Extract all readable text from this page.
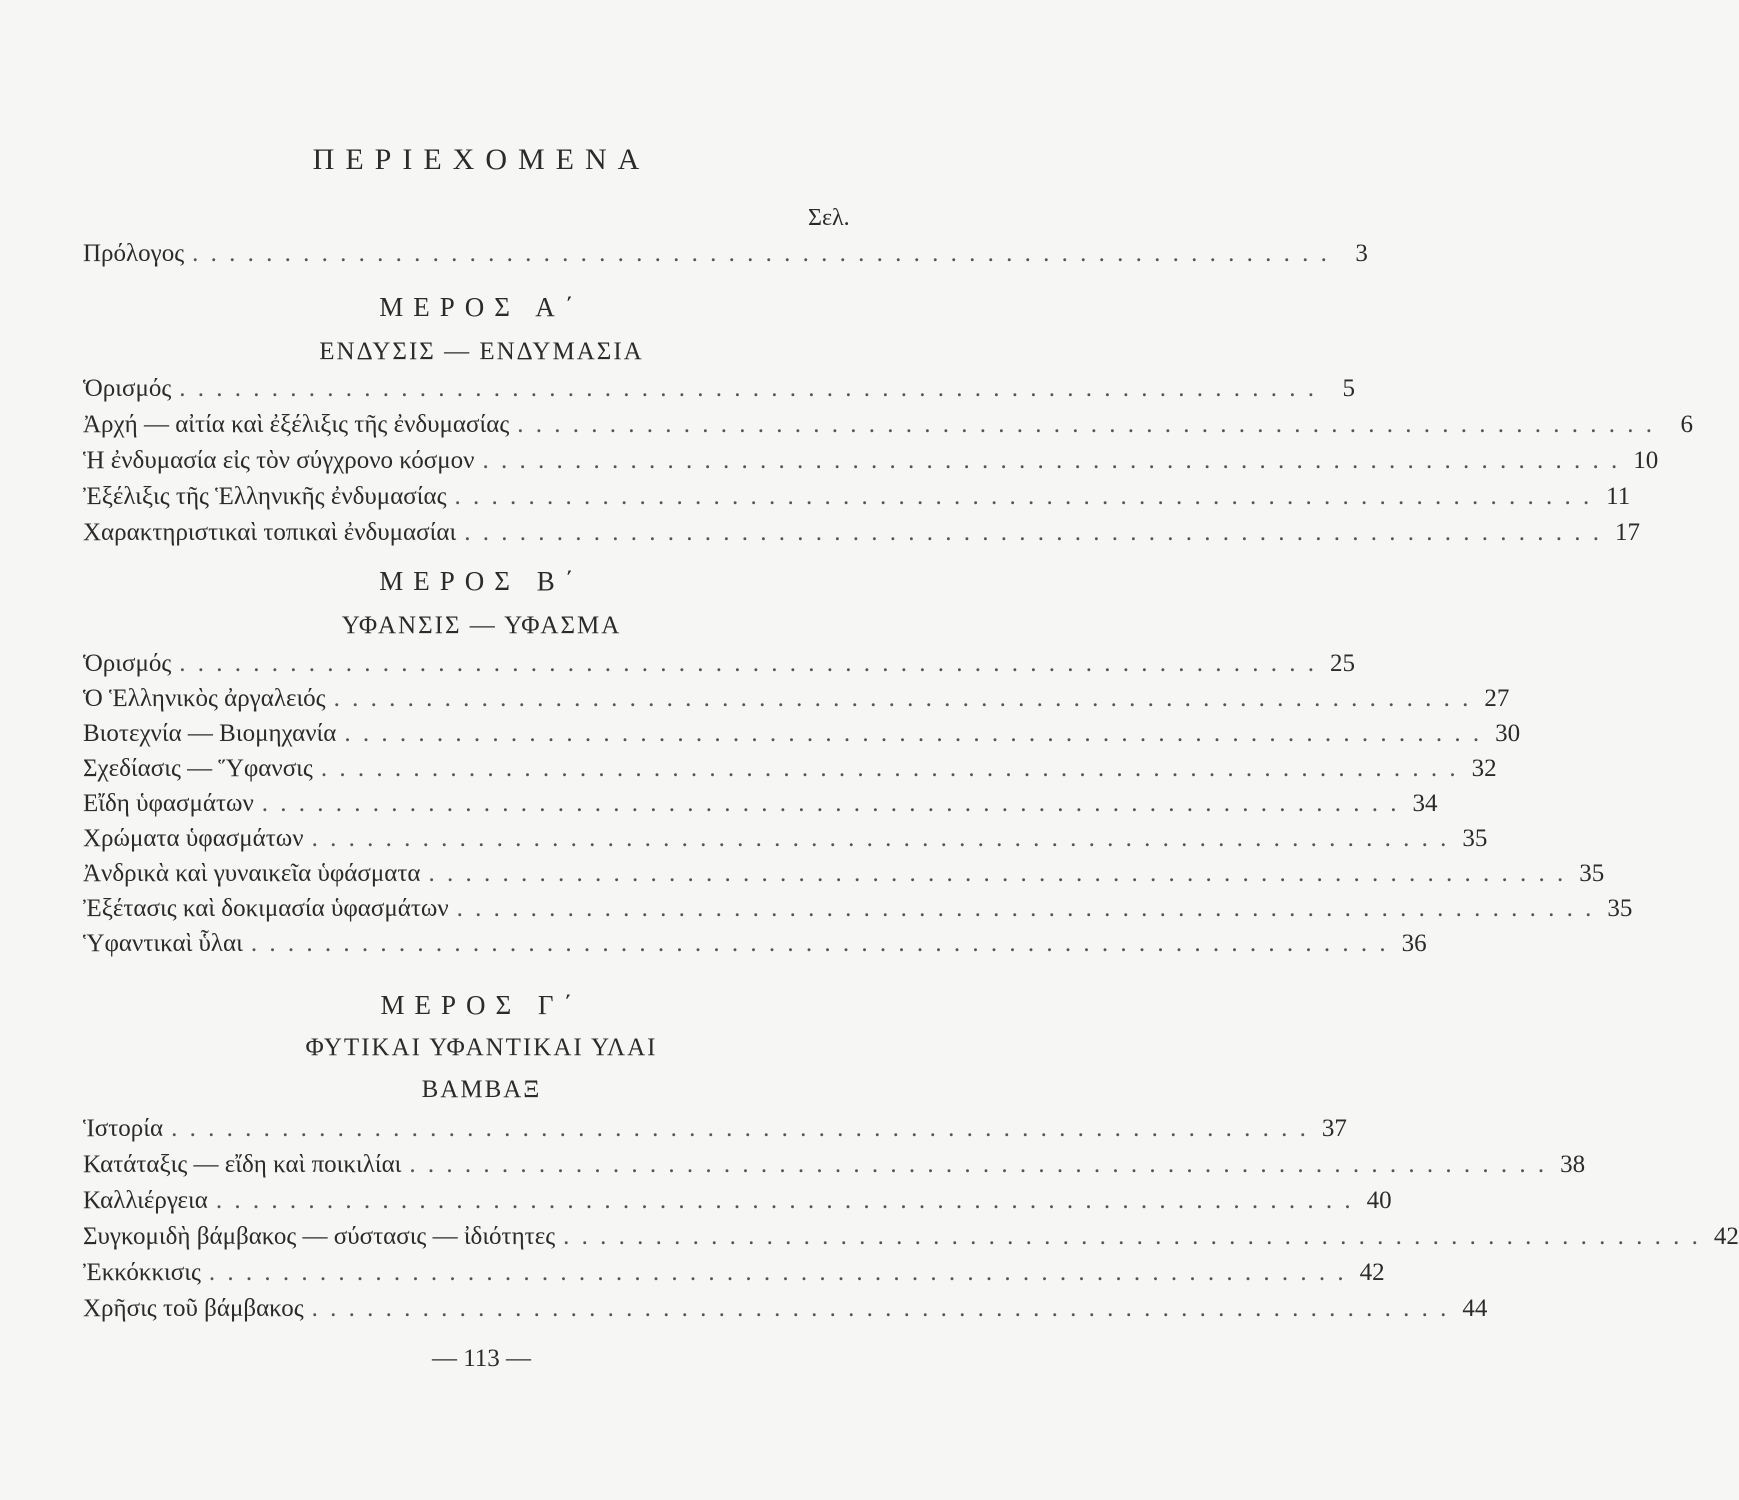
ΠΕΡΙΕΧΟΜΕΝΑ
Σελ.
Πρόλογος . . . . . . . . . . . . . . . . . . . . . . . . . . . . . . . . . . . . . . . . . . . . . . . . . . . . . . . . . . . . . .	3
ΜΕΡΟΣ Α΄
ΕΝΔΥΣΙΣ — ΕΝΔΥΜΑΣΙΑ
Ὁρισμός . . . . . . . . . . . . . . . . . . . . . . . . . . . . . . . . . . . . . . . . . . . . . . . . . . . . . . . . . . . . . .	5
Ἀρχή — αἰτία καὶ ἐξέλιξις τῆς ἐνδυμασίας . . . . . . . . . . . . . . . . . . . . . . . . . . . . . . . . . . . . . . . . . . . . . . . . . . . . . . . . . . . . . .	6
Ἡ ἐνδυμασία εἰς τὸν σύγχρονο κόσμον . . . . . . . . . . . . . . . . . . . . . . . . . . . . . . . . . . . . . . . . . . . . . . . . . . . . . . . . . . . . . . 10
Ἐξέλιξις τῆς Ἑλληνικῆς ἐνδυμασίας . . . . . . . . . . . . . . . . . . . . . . . . . . . . . . . . . . . . . . . . . . . . . . . . . . . . . . . . . . . . . . 11
Χαρακτηριστικαὶ τοπικαὶ ἐνδυμασίαι . . . . . . . . . . . . . . . . . . . . . . . . . . . . . . . . . . . . . . . . . . . . . . . . . . . . . . . . . . . . . . 17
ΜΕΡΟΣ Β΄
ΥΦΑΝΣΙΣ — ΥΦΑΣΜΑ
Ὁρισμός . . . . . . . . . . . . . . . . . . . . . . . . . . . . . . . . . . . . . . . . . . . . . . . . . . . . . . . . . . . . . . 25
Ὁ Ἑλληνικὸς ἀργαλειός . . . . . . . . . . . . . . . . . . . . . . . . . . . . . . . . . . . . . . . . . . . . . . . . . . . . . . . . . . . . . . 27
Βιοτεχνία — Βιομηχανία . . . . . . . . . . . . . . . . . . . . . . . . . . . . . . . . . . . . . . . . . . . . . . . . . . . . . . . . . . . . . . 30
Σχεδίασις — Ὕφανσις . . . . . . . . . . . . . . . . . . . . . . . . . . . . . . . . . . . . . . . . . . . . . . . . . . . . . . . . . . . . . . 32
Εἴδη ὑφασμάτων . . . . . . . . . . . . . . . . . . . . . . . . . . . . . . . . . . . . . . . . . . . . . . . . . . . . . . . . . . . . . . 34
Χρώματα ὑφασμάτων . . . . . . . . . . . . . . . . . . . . . . . . . . . . . . . . . . . . . . . . . . . . . . . . . . . . . . . . . . . . . . 35
Ἀνδρικὰ καὶ γυναικεῖα ὑφάσματα . . . . . . . . . . . . . . . . . . . . . . . . . . . . . . . . . . . . . . . . . . . . . . . . . . . . . . . . . . . . . . 35
Ἐξέτασις καὶ δοκιμασία ὑφασμάτων . . . . . . . . . . . . . . . . . . . . . . . . . . . . . . . . . . . . . . . . . . . . . . . . . . . . . . . . . . . . . . 35
Ὑφαντικαὶ ὗλαι . . . . . . . . . . . . . . . . . . . . . . . . . . . . . . . . . . . . . . . . . . . . . . . . . . . . . . . . . . . . . . 36
ΜΕΡΟΣ Γ΄
ΦΥΤΙΚΑΙ ΥΦΑΝΤΙΚΑΙ ΥΛΑΙ
ΒΑΜΒΑΞ
Ἱστορία . . . . . . . . . . . . . . . . . . . . . . . . . . . . . . . . . . . . . . . . . . . . . . . . . . . . . . . . . . . . . . 37
Κατάταξις — εἴδη καὶ ποικιλίαι . . . . . . . . . . . . . . . . . . . . . . . . . . . . . . . . . . . . . . . . . . . . . . . . . . . . . . . . . . . . . . 38
Καλλιέργεια . . . . . . . . . . . . . . . . . . . . . . . . . . . . . . . . . . . . . . . . . . . . . . . . . . . . . . . . . . . . . . 40
Συγκομιδὴ βάμβακος — σύστασις — ἰδιότητες . . . . . . . . . . . . . . . . . . . . . . . . . . . . . . . . . . . . . . . . . . . . . . . . . . . . . . . . . . . . . . 42
Ἐκκόκκισις . . . . . . . . . . . . . . . . . . . . . . . . . . . . . . . . . . . . . . . . . . . . . . . . . . . . . . . . . . . . . . 42
Χρῆσις τοῦ βάμβακος . . . . . . . . . . . . . . . . . . . . . . . . . . . . . . . . . . . . . . . . . . . . . . . . . . . . . . . . . . . . . . 44
— 113 —
